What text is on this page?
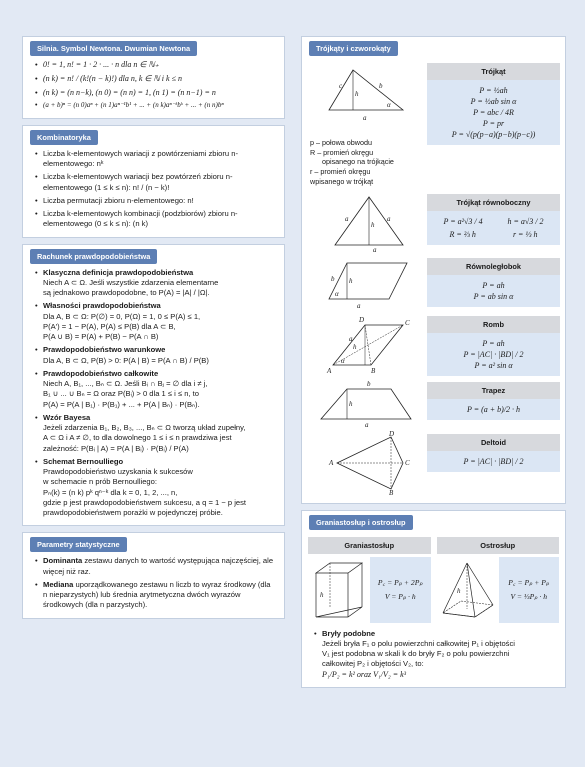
Silnia. Symbol Newtona. Dwumian Newtona
• 0! = 1, n! = 1 · 2 · ... · n dla n ∈ ℕ₊
• (n k) = n! / (k!(n − k)!) dla n, k ∈ ℕ i k ≤ n
• (n k) = (n n−k), (n 0) = (n n) = 1, (n 1) = (n n−1) = n
• (a + b)ⁿ = (n 0)aⁿ + (n 1)aⁿ⁻¹b¹ + ... + (n k)aⁿ⁻ᵏbᵏ + ... + (n n)bⁿ
Kombinatoryka
• Liczba k-elementowych wariacji z powtórzeniami zbioru n-elementowego: nᵏ
• Liczba k-elementowych wariacji bez powtórzeń zbioru n-elementowego (1 ≤ k ≤ n): n! / (n − k)!
• Liczba permutacji zbioru n-elementowego: n!
• Liczba k-elementowych kombinacji (podzbiorów) zbioru n-elementowego (0 ≤ k ≤ n): (n k)
Rachunek prawdopodobieństwa
• Klasyczna definicja prawdopodobieństwa
Niech A ⊂ Ω. Jeśli wszystkie zdarzenia elementarne
są jednakowo prawdopodobne, to P(A) = |A| / |Ω|.
• Własności prawdopodobieństwa
Dla A, B ⊂ Ω: P(∅) = 0, P(Ω) = 1, 0 ≤ P(A) ≤ 1,
P(A′) = 1 − P(A), P(A) ≤ P(B) dla A ⊂ B,
P(A ∪ B) = P(A) + P(B) − P(A ∩ B)
• Prawdopodobieństwo warunkowe
Dla A, B ⊂ Ω, P(B) > 0: P(A | B) = P(A ∩ B) / P(B)
• Prawdopodobieństwo całkowite
Niech A, B₁, ..., Bₙ ⊂ Ω. Jeśli Bᵢ ∩ Bⱼ = ∅ dla i ≠ j,
B₁ ∪ ... ∪ Bₙ = Ω oraz P(Bᵢ) > 0 dla 1 ≤ i ≤ n, to
P(A) = P(A | B₁) · P(B₁) + ... + P(A | Bₙ) · P(Bₙ).
• Wzór Bayesa
Jeżeli zdarzenia B₁, B₂, B₃, ..., Bₙ ⊂ Ω tworzą układ zupełny,
A ⊂ Ω i A ≠ ∅, to dla dowolnego 1 ≤ i ≤ n prawdziwa jest
zależność: P(Bᵢ | A) = P(A | Bᵢ) · P(Bᵢ) / P(A)
• Schemat Bernoulliego
Prawdopodobieństwo uzyskania k sukcesów
w schemacie n prób Bernoulliego:
Pₙ(k) = (n k) pᵏ qⁿ⁻ᵏ dla k = 0, 1, 2, ..., n,
gdzie p jest prawdopodobieństwem sukcesu, a q = 1 − p jest
prawdopodobieństwem porażki w pojedynczej próbie.
Parametry statystyczne
• Dominanta zestawu danych to wartość występująca najczęściej, ale więcej niż raz.
• Mediana uporządkowanego zestawu n liczb to wyraz środkowy (dla n nieparzystych) lub średnia arytmetyczna dwóch wyrazów środkowych (dla n parzystych).
Trójkąty i czworokąty
c	b
h
a
α
p – połowa obwodu
R – promień okręgu
opisanego na trójkącie
r – promień okręgu
wpisanego w trójkąt
Trójkąt
P = ½ah
P = ½ab sin α
P = abc / 4R
P = pr
P = √(p(p−a)(p−b)(p−c))
a	a
h
a
Trójkąt równoboczny
P = a²√3 / 4	h = a√3 / 2
R = ⅔ h	r = ⅓ h
b h
a
α
Równoległobok
P = ah
P = ab sin α
A	B
C
D
h
a
α
Romb
P = ah
P = |AC| · |BD| / 2
P = a² sin α
b
h
a
Trapez
P = (a + b)/2 · h
A
B
C
D
Deltoid
P = |AC| · |BD| / 2
Graniastosłup i ostrosłup
Graniastosłup	Ostrosłup
h
P꜀ = Pₚ + 2Pₚ
V = Pₚ · h
h
P꜀ = Pₚ + Pₚ
V = ⅓Pₚ · h
• Bryły podobne
Jeżeli bryła F₁ o polu powierzchni całkowitej P₁ i objętości
V₁ jest podobna w skali k do bryły F₂ o polu powierzchni
całkowitej P₂ i objętości V₂, to:
P₁/P₂ = k² oraz V₁/V₂ = k³
